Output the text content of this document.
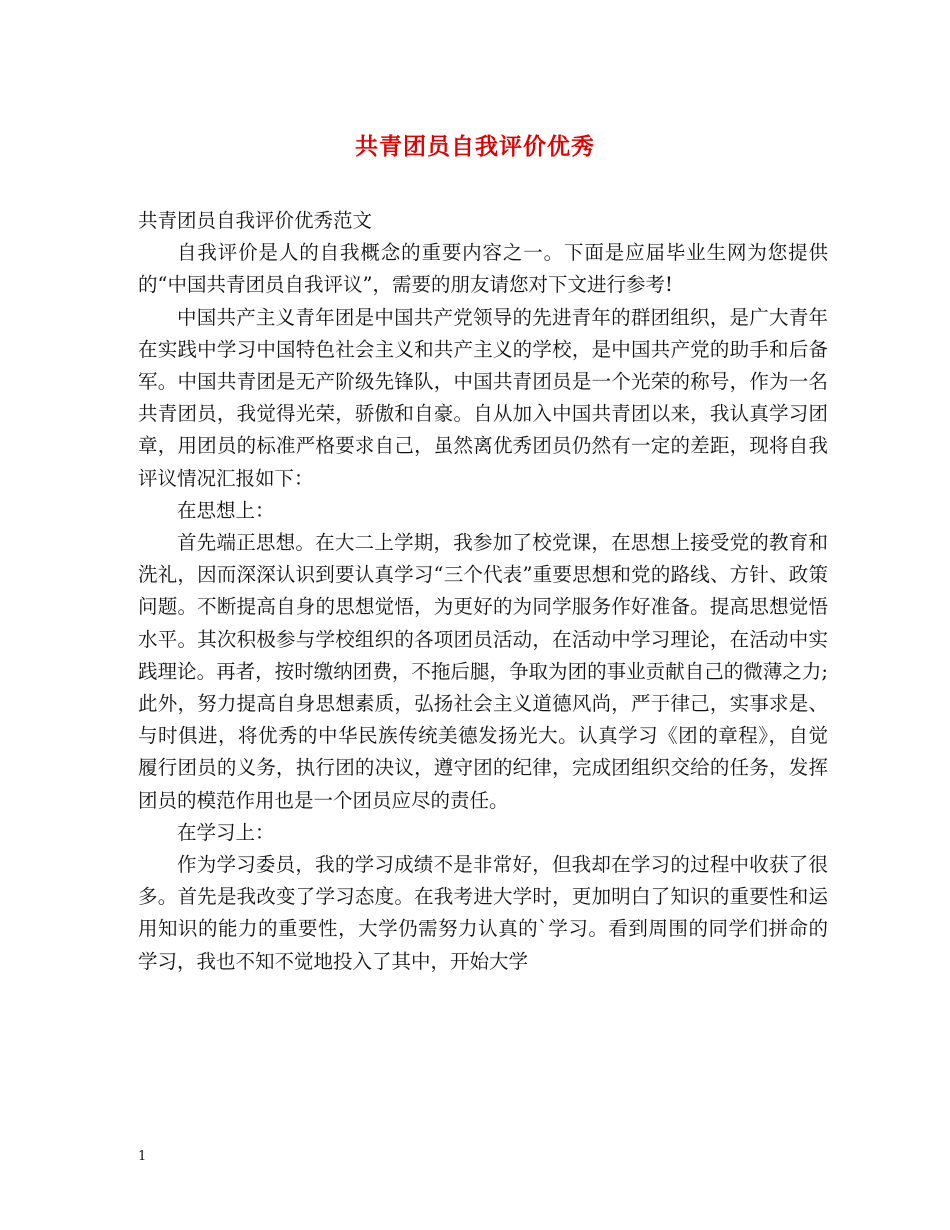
共青团员自我评价优秀

共青团员自我评价优秀范文

自我评价是人的自我概念的重要内容之一。下面是应届毕业生网为您提供的“中国共青团员自我评议”，需要的朋友请您对下文进行参考!

中国共产主义青年团是中国共产党领导的先进青年的群团组织，是广大青年在实践中学习中国特色社会主义和共产主义的学校，是中国共产党的助手和后备军。中国共青团是无产阶级先锋队，中国共青团员是一个光荣的称号，作为一名共青团员，我觉得光荣，骄傲和自豪。自从加入中国共青团以来，我认真学习团章，用团员的标准严格要求自己，虽然离优秀团员仍然有一定的差距，现将自我评议情况汇报如下：

在思想上：

首先端正思想。在大二上学期，我参加了校党课，在思想上接受党的教育和洗礼，因而深深认识到要认真学习“三个代表”重要思想和党的路线、方针、政策问题。不断提高自身的思想觉悟，为更好的为同学服务作好准备。提高思想觉悟水平。其次积极参与学校组织的各项团员活动，在活动中学习理论，在活动中实践理论。再者，按时缴纳团费，不拖后腿，争取为团的事业贡献自己的微薄之力;此外，努力提高自身思想素质，弘扬社会主义道德风尚，严于律己，实事求是、与时俱进，将优秀的中华民族传统美德发扬光大。认真学习《团的章程》，自觉履行团员的义务，执行团的决议，遵守团的纪律，完成团组织交给的任务，发挥团员的模范作用也是一个团员应尽的责任。

在学习上：

作为学习委员，我的学习成绩不是非常好，但我却在学习的过程中收获了很多。首先是我改变了学习态度。在我考进大学时，更加明白了知识的重要性和运用知识的能力的重要性，大学仍需努力认真的`学习。看到周围的同学们拼命的学习，我也不知不觉地投入了其中，开始大学

1
